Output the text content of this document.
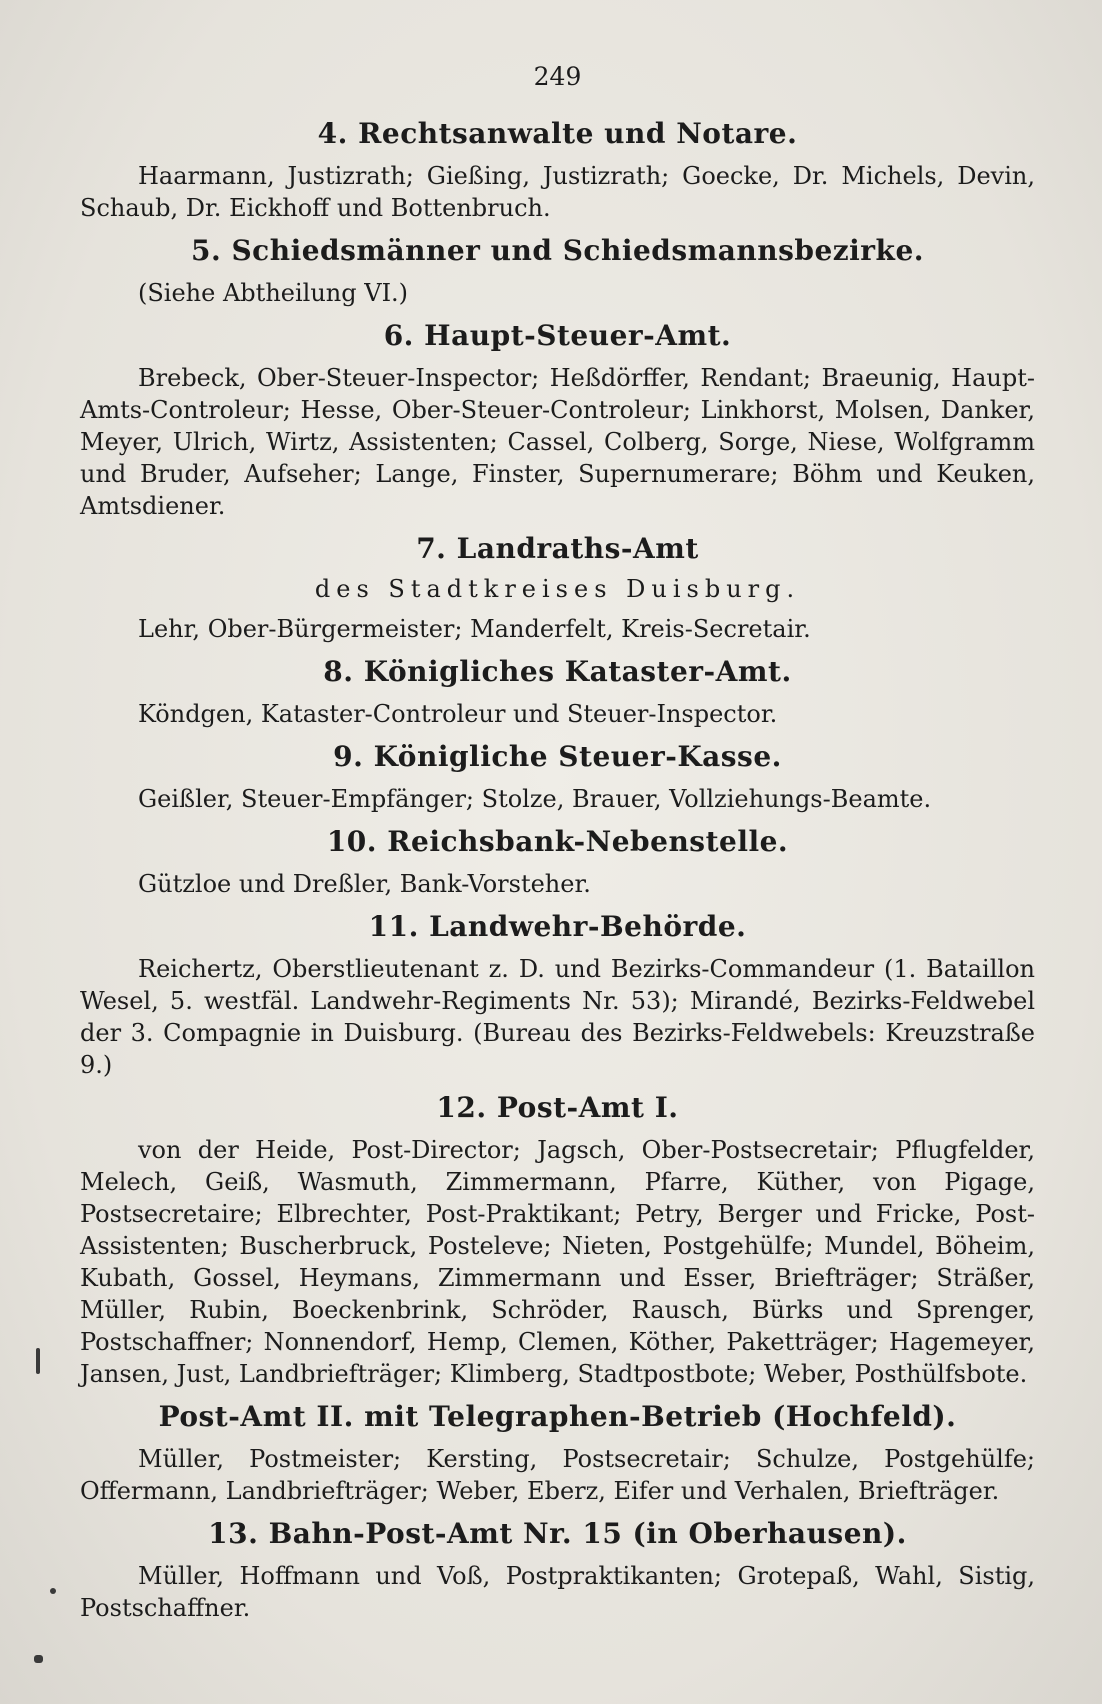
249
4. Rechtsanwalte und Notare.

Haarmann, Justizrath; Gießing, Justizrath; Goecke, Dr. Michels, Devin, Schaub, Dr. Eickhoff und Bottenbruch.

5. Schiedsmänner und Schiedsmannsbezirke.

(Siehe Abtheilung VI.)

6. Haupt-Steuer-Amt.

Brebeck, Ober-Steuer-Inspector; Heßdörffer, Rendant; Braeunig, Haupt-Amts-Controleur; Hesse, Ober-Steuer-Controleur; Linkhorst, Molsen, Danker, Meyer, Ulrich, Wirtz, Assistenten; Cassel, Colberg, Sorge, Niese, Wolfgramm und Bruder, Aufseher; Lange, Finster, Supernumerare; Böhm und Keuken, Amtsdiener.

7. Landraths-Amt
des Stadtkreises Duisburg.

Lehr, Ober-Bürgermeister; Manderfelt, Kreis-Secretair.

8. Königliches Kataster-Amt.

Köndgen, Kataster-Controleur und Steuer-Inspector.

9. Königliche Steuer-Kasse.

Geißler, Steuer-Empfänger; Stolze, Brauer, Vollziehungs-Beamte.

10. Reichsbank-Nebenstelle.

Gützloe und Dreßler, Bank-Vorsteher.

11. Landwehr-Behörde.

Reichertz, Oberstlieutenant z. D. und Bezirks-Commandeur (1. Bataillon Wesel, 5. westfäl. Landwehr-Regiments Nr. 53); Mirandé, Bezirks-Feldwebel der 3. Compagnie in Duisburg. (Bureau des Bezirks-Feldwebels: Kreuzstraße 9.)

12. Post-Amt I.

von der Heide, Post-Director; Jagsch, Ober-Postsecretair; Pflugfelder, Melech, Geiß, Wasmuth, Zimmermann, Pfarre, Küther, von Pigage, Postsecretaire; Elbrechter, Post-Praktikant; Petry, Berger und Fricke, Post-Assistenten; Buscherbruck, Posteleve; Nieten, Postgehülfe; Mundel, Böheim, Kubath, Gossel, Heymans, Zimmermann und Esser, Briefträger; Sträßer, Müller, Rubin, Boeckenbrink, Schröder, Rausch, Bürks und Sprenger, Postschaffner; Nonnendorf, Hemp, Clemen, Köther, Paketträger; Hagemeyer, Jansen, Just, Landbriefträger; Klimberg, Stadtpostbote; Weber, Posthülfsbote.

Post-Amt II. mit Telegraphen-Betrieb (Hochfeld).

Müller, Postmeister; Kersting, Postsecretair; Schulze, Postgehülfe; Offermann, Landbriefträger; Weber, Eberz, Eifer und Verhalen, Briefträger.

13. Bahn-Post-Amt Nr. 15 (in Oberhausen).

Müller, Hoffmann und Voß, Postpraktikanten; Grotepaß, Wahl, Sistig, Postschaffner.
